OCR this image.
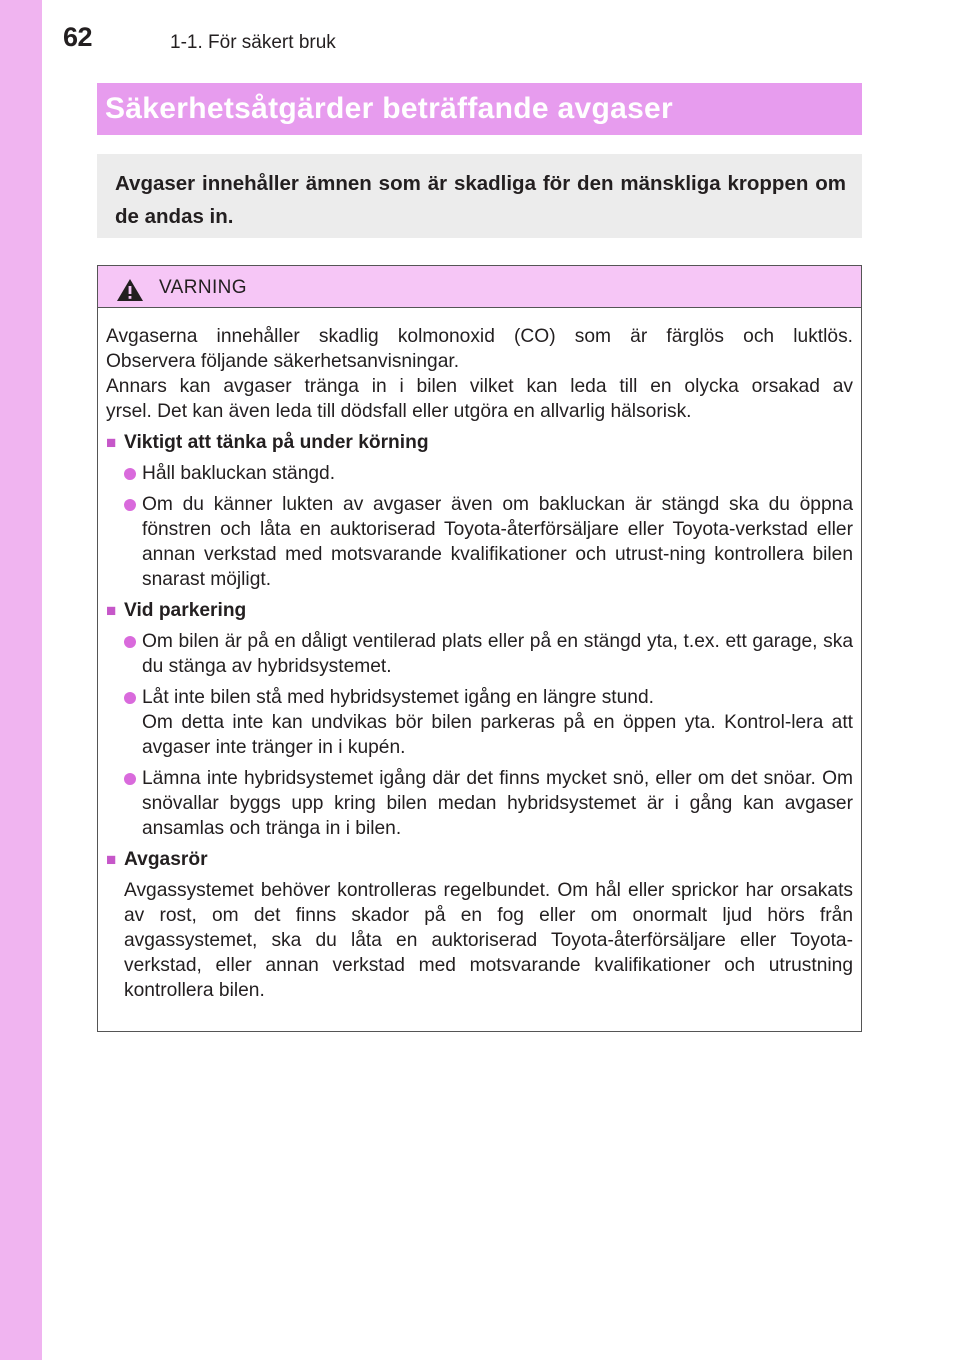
62	1-1. För säkert bruk
Säkerhetsåtgärder beträffande avgaser

Avgaser innehåller ämnen som är skadliga för den mänskliga kroppen om de andas in.

VARNING

Avgaserna innehåller skadlig kolmonoxid (CO) som är färglös och luktlös.

Observera följande säkerhetsanvisningar.

Annars kan avgaser tränga in i bilen vilket kan leda till en olycka orsakad av

yrsel. Det kan även leda till dödsfall eller utgöra en allvarlig hälsorisk.

■ Viktigt att tänka på under körning
Håll bakluckan stängd.
Om du känner lukten av avgaser även om bakluckan är stängd ska du öppna fönstren och låta en auktoriserad Toyota-återförsäljare eller Toyota-verkstad eller annan verkstad med motsvarande kvalifikationer och utrust-ning kontrollera bilen snarast möjligt.
■ Vid parkering
Om bilen är på en dåligt ventilerad plats eller på en stängd yta, t.ex. ett garage, ska du stänga av hybridsystemet.
Låt inte bilen stå med hybridsystemet igång en längre stund.
Om detta inte kan undvikas bör bilen parkeras på en öppen yta. Kontrol-lera att avgaser inte tränger in i kupén.
Lämna inte hybridsystemet igång där det finns mycket snö, eller om det snöar. Om snövallar byggs upp kring bilen medan hybridsystemet är i gång kan avgaser ansamlas och tränga in i bilen.
■ Avgasrör

Avgassystemet behöver kontrolleras regelbundet. Om hål eller sprickor har orsakats av rost, om det finns skador på en fog eller om onormalt ljud hörs från avgassystemet, ska du låta en auktoriserad Toyota-återförsäljare eller Toyota-verkstad, eller annan verkstad med motsvarande kvalifikationer och utrustning kontrollera bilen.
